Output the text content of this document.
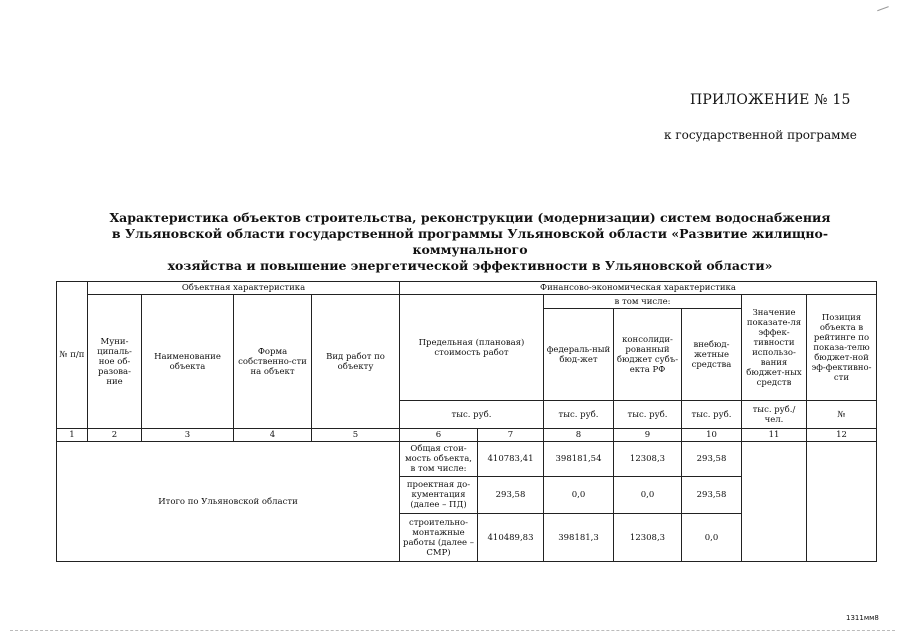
ПРИЛОЖЕНИЕ № 15
к государственной программе
Характеристика объектов строительства, реконструкции (модернизации) систем водоснабжения
в Ульяновской области государственной программы Ульяновской области «Развитие жилищно-коммунального
хозяйства и повышение энергетической эффективности в Ульяновской области»
№ п/п	Объектная характеристика				Финансово-экономическая характеристика						
	Муни-ципаль-ное об-разова-ние	Наименование объекта	Форма собственно-сти на объект	Вид работ по объекту	Предельная (плановая) стоимость работ		в том числе:			Значение показате-ля эффек-тивности использо-вания бюджет-ных средств	Позиция объекта в рейтинге по показа-телю бюджет-ной эф-фективно-сти
							федераль-ный бюд-жет	консолиди-рованный бюджет субъ-екта РФ	внебюд-жетные средства		
					тыс. руб.		тыс. руб.	тыс. руб.	тыс. руб.	тыс. руб./чел.	№
1	2	3	4	5	6	7	8	9	10	11	12
Итого по Ульяновской области					Общая стои-мость объекта, в том числе:	410783,41	398181,54	12308,3	293,58		
					проектная до-кументация (далее – ПД)	293,58	0,0	0,0	293,58		
					строительно-монтажные работы (далее – СМР)	410489,83	398181,3	12308,3	0,0		
1311мм8
